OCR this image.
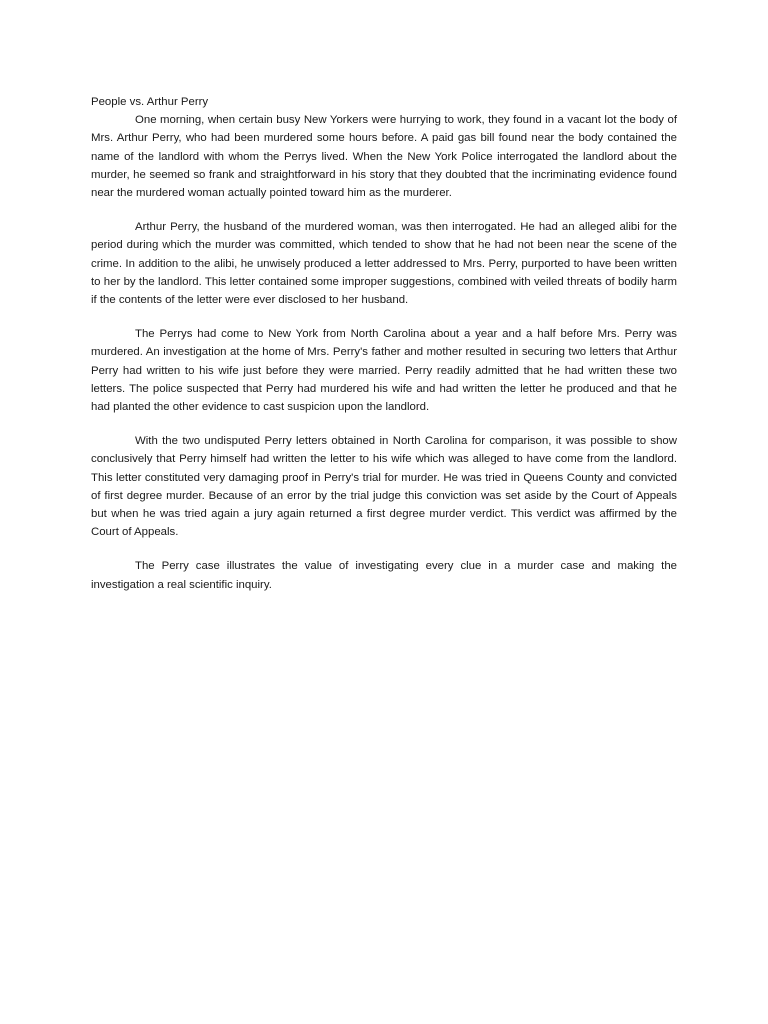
People vs. Arthur Perry

One morning, when certain busy New Yorkers were hurrying to work, they found in a vacant lot the body of Mrs. Arthur Perry, who had been murdered some hours before. A paid gas bill found near the body contained the name of the landlord with whom the Perrys lived. When the New York Police interrogated the landlord about the murder, he seemed so frank and straightforward in his story that they doubted that the incriminating evidence found near the murdered woman actually pointed toward him as the murderer.

Arthur Perry, the husband of the murdered woman, was then interrogated. He had an alleged alibi for the period during which the murder was committed, which tended to show that he had not been near the scene of the crime. In addition to the alibi, he unwisely produced a letter addressed to Mrs. Perry, purported to have been written to her by the landlord. This letter contained some improper suggestions, combined with veiled threats of bodily harm if the contents of the letter were ever disclosed to her husband.

The Perrys had come to New York from North Carolina about a year and a half before Mrs. Perry was murdered. An investigation at the home of Mrs. Perry's father and mother resulted in securing two letters that Arthur Perry had written to his wife just before they were married. Perry readily admitted that he had written these two letters. The police suspected that Perry had murdered his wife and had written the letter he produced and that he had planted the other evidence to cast suspicion upon the landlord.

With the two undisputed Perry letters obtained in North Carolina for comparison, it was possible to show conclusively that Perry himself had written the letter to his wife which was alleged to have come from the landlord. This letter constituted very damaging proof in Perry's trial for murder. He was tried in Queens County and convicted of first degree murder. Because of an error by the trial judge this conviction was set aside by the Court of Appeals but when he was tried again a jury again returned a first degree murder verdict. This verdict was affirmed by the Court of Appeals.

The Perry case illustrates the value of investigating every clue in a murder case and making the investigation a real scientific inquiry.
